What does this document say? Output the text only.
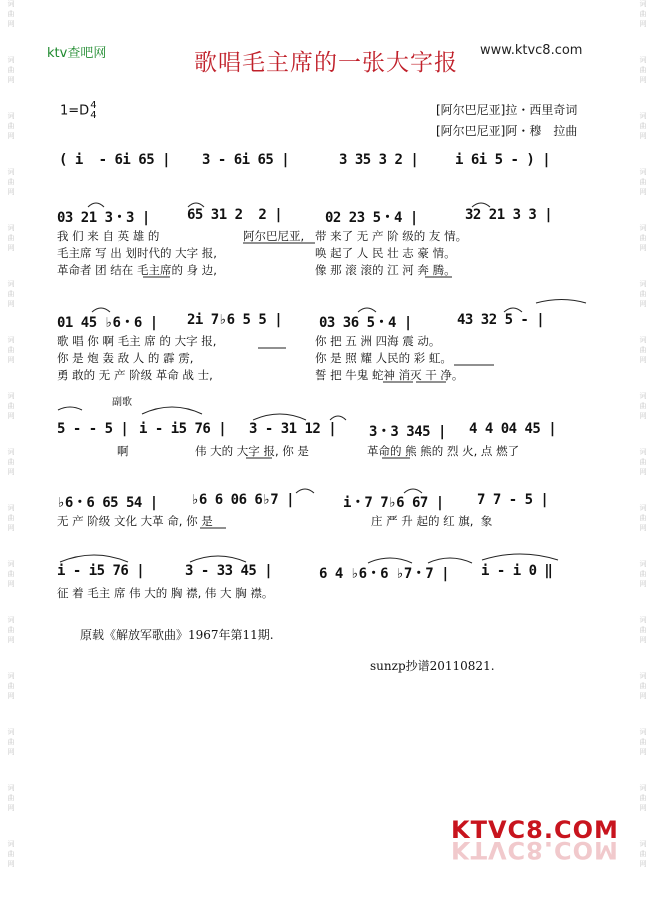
词
曲
网
词
曲
网
词
曲
网
词
曲
网
词
曲
网
词
曲
网
词
曲
网
词
曲
网
词
曲
网
词
曲
网
词
曲
网
词
曲
网
词
曲
网
词
曲
网
词
曲
网
词
曲
网
词
曲
网
词
曲
网
词
曲
网
词
曲
网
词
曲
网
词
曲
网
词
曲
网
词
曲
网
词
曲
网
词
曲
网
词
曲
网
词
曲
网
词
曲
网
词
曲
网
词
曲
网
词
曲
网
ktv查吧网	歌唱毛主席的一张大字报	www.ktvc8.com
1=D4
4	[阿尔巴尼亚]拉・西里奇词
[阿尔巴尼亚]阿・穆　拉曲
( i  - 6i 65 | 3 - 6i 65 |	3 35 3 2 |	i 6i 5 - ) |
03 21 3・3 |	65 31 2  2 |	02 23 5・4 |	32 21 3 3 |
我 们 来 自 英 雄 的	阿尔巴尼亚, 带 来了 无 产 阶 级的 友 情。
毛主席 写 出 划时代的 大字 报,	唤 起了 人 民 壮 志 豪 情。
革命者 团 结在 毛主席的 身 边,	像 那 滚 滚的 江 河 奔 腾。
01 45 ♭6・6 | 2i 7♭6 5 5 |	03 36 5・4 |	43 32 5 - |
歌 唱 你 啊 毛主 席 的 大字 报,	你 把 五 洲 四海 震 动。
你 是 炮 轰 敌 人 的 霹 雳,	你 是 照 耀 人民的 彩 虹。
勇 敢的 无 产 阶级 革命 战 士,	誓 把 牛鬼 蛇神 消灭 干 净。
副歌
5 - - 5 | i - i5 76 | 3 - 31 12 | 3・3 345 | 4 4 04 45 |
啊	伟 大的 大字 报, 你 是	革命的 熊 熊的 烈 火, 点 燃了
♭6・6 65 54 | ♭6 6 06 6♭7 |	i・7 7♭6 67 | 7 7 - 5 |
无 产 阶级 文化 大革 命, 你 是	庄 严 升 起的 红 旗,  象
i - i5 76 |	3 - 33 45 |	6 4 ♭6・6 ♭7・7 | i - i 0 ‖
征 着 毛主 席 伟 大的 胸 襟, 伟 大 胸 襟。
原载《解放军歌曲》1967年第11期.
sunzp抄谱20110821.
KTVC8.COM
KTVC8.COM
